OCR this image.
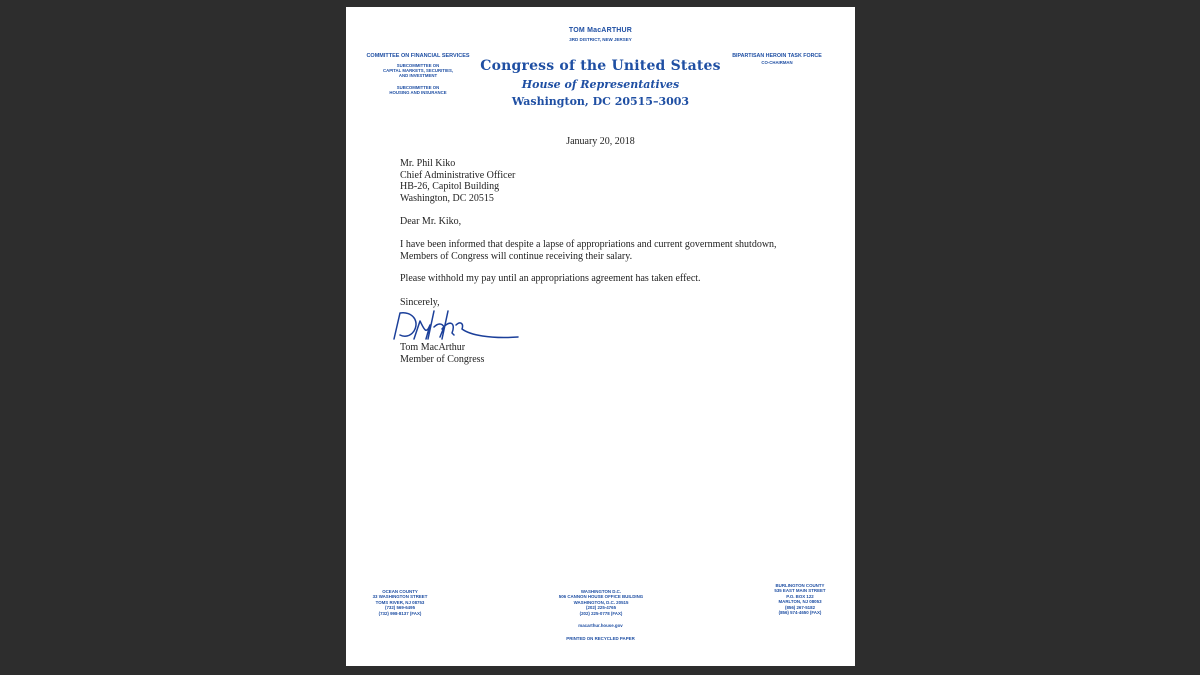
TOM MacARTHUR
3RD DISTRICT, NEW JERSEY
COMMITTEE ON FINANCIAL SERVICES
SUBCOMMITTEE ON
CAPITAL MARKETS, SECURITIES,
AND INVESTMENT
SUBCOMMITTEE ON
HOUSING AND INSURANCE
BIPARTISAN HEROIN TASK FORCE
CO-CHAIRMAN
Congress of the United States
House of Representatives
Washington, DC 20515–3003
January 20, 2018
Mr. Phil Kiko
Chief Administrative Officer
HB-26, Capitol Building
Washington, DC 20515
Dear Mr. Kiko,
I have been informed that despite a lapse of appropriations and current government shutdown,
Members of Congress will continue receiving their salary.
Please withhold my pay until an appropriations agreement has taken effect.
Sincerely,
Tom MacArthur
Member of Congress
OCEAN COUNTY
33 WASHINGTON STREET
TOMS RIVER, NJ 08753
(732) 569-6495
(732) 998-8137 (FAX)
WASHINGTON D.C.
506 CANNON HOUSE OFFICE BUILDING
WASHINGTON, D.C. 20515
(202) 225-4765
(202) 225-0778 (FAX)
BURLINGTON COUNTY
535 EAST MAIN STREET
P.O. BOX 122
MARLTON, NJ 08053
(856) 267-5182
(856) 574-4650 (FAX)
macarthur.house.gov
PRINTED ON RECYCLED PAPER
